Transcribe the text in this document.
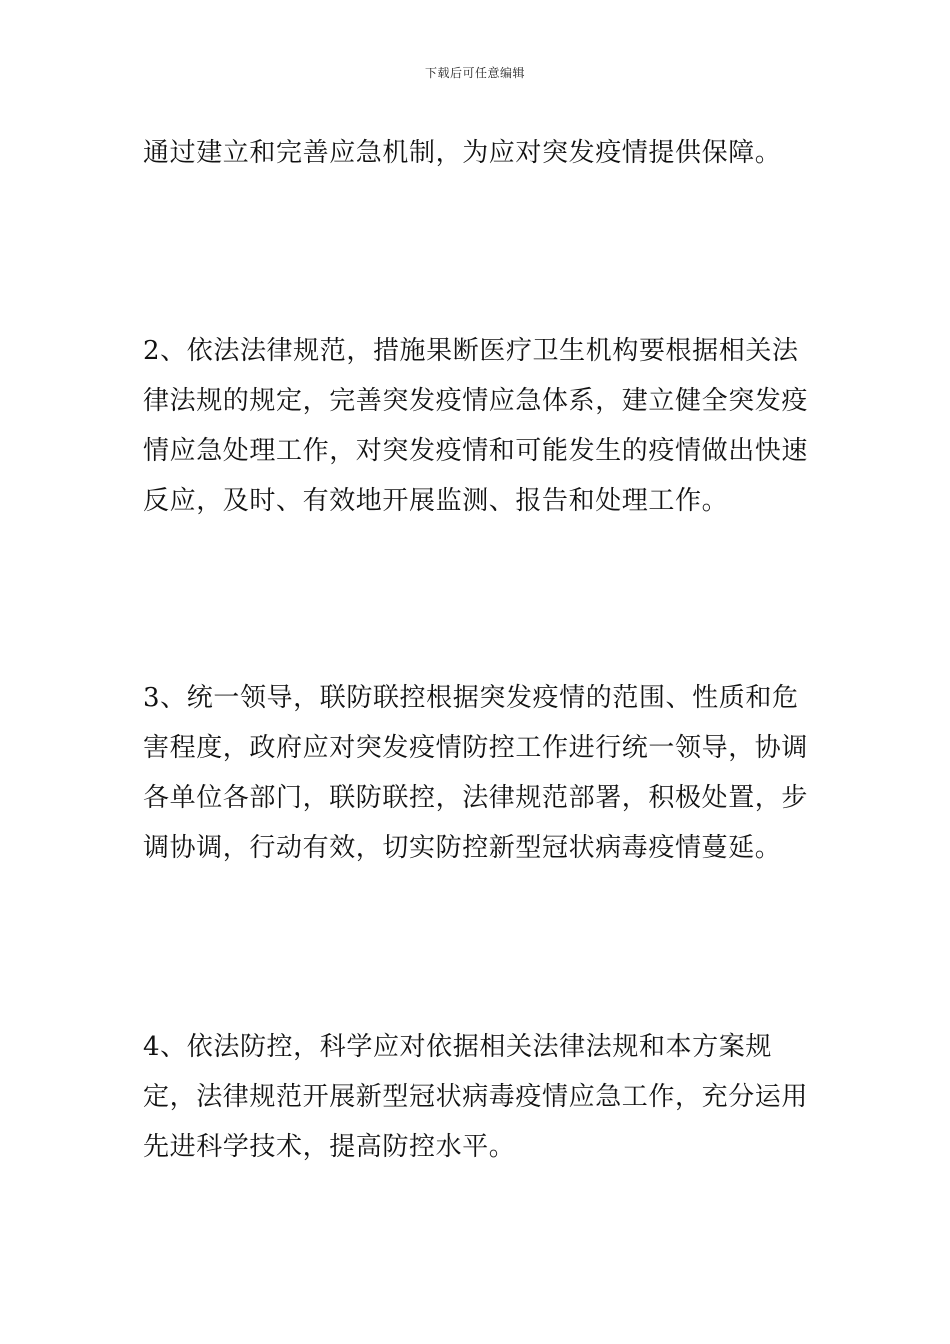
下载后可任意编辑

通过建立和完善应急机制，为应对突发疫情提供保障。

2、依法法律规范，措施果断医疗卫生机构要根据相关法律法规的规定，完善突发疫情应急体系，建立健全突发疫情应急处理工作，对突发疫情和可能发生的疫情做出快速反应，及时、有效地开展监测、报告和处理工作。

3、统一领导，联防联控根据突发疫情的范围、性质和危害程度，政府应对突发疫情防控工作进行统一领导，协调各单位各部门，联防联控，法律规范部署，积极处置，步调协调，行动有效，切实防控新型冠状病毒疫情蔓延。

4、依法防控，科学应对依据相关法律法规和本方案规定，法律规范开展新型冠状病毒疫情应急工作，充分运用先进科学技术，提高防控水平。
